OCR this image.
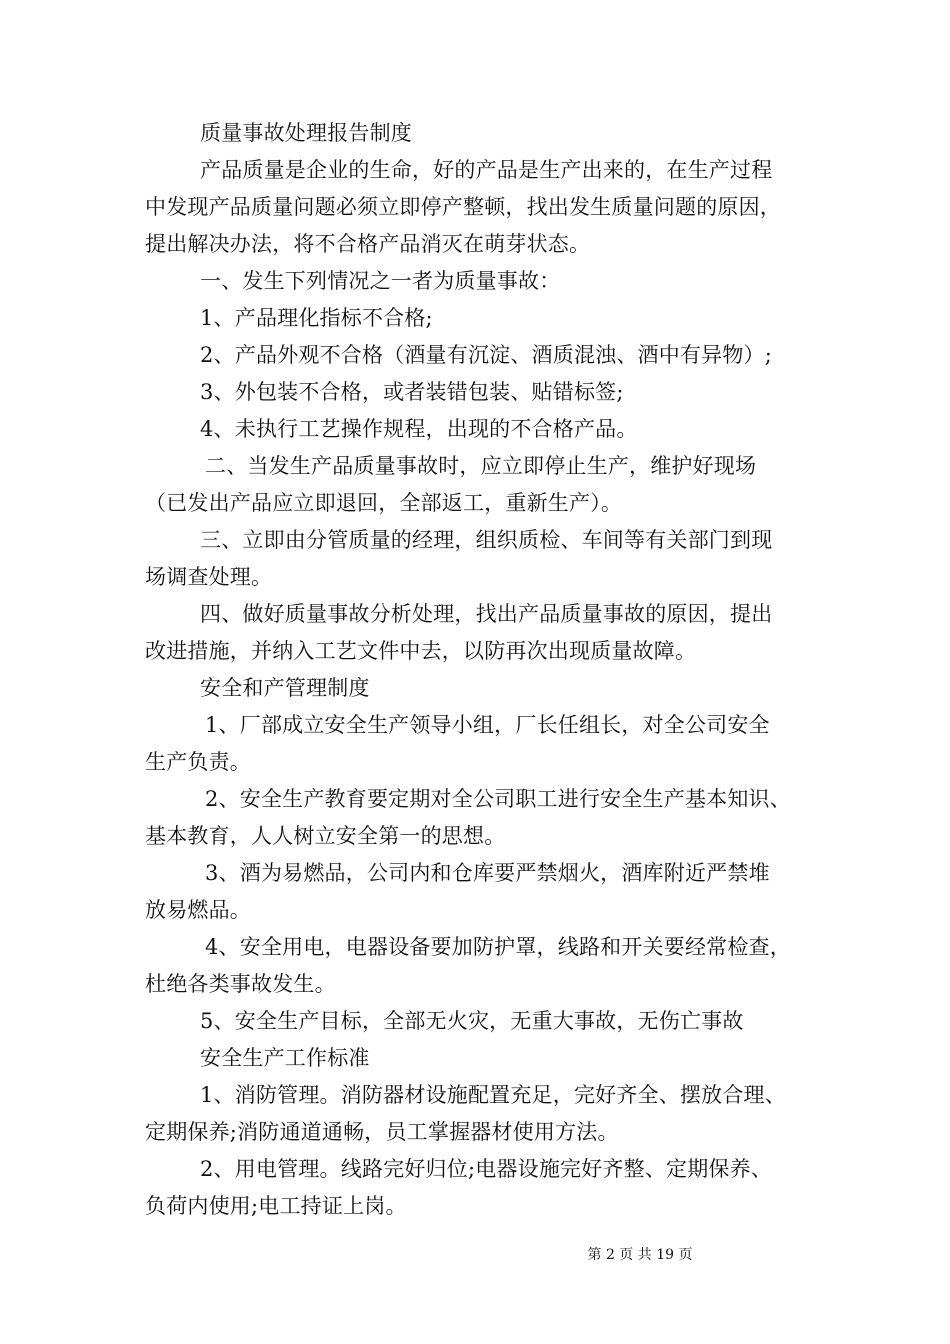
质量事故处理报告制度
产品质量是企业的生命，好的产品是生产出来的，在生产过程
中发现产品质量问题必须立即停产整顿，找出发生质量问题的原因，
提出解决办法，将不合格产品消灭在萌芽状态。
一、发生下列情况之一者为质量事故：
1、产品理化指标不合格;
2、产品外观不合格（酒量有沉淀、酒质混浊、酒中有异物）;
3、外包装不合格，或者装错包装、贴错标签;
4、未执行工艺操作规程，出现的不合格产品。
二、当发生产品质量事故时，应立即停止生产，维护好现场
（已发出产品应立即退回，全部返工，重新生产）。
三、立即由分管质量的经理，组织质检、车间等有关部门到现
场调查处理。
四、做好质量事故分析处理，找出产品质量事故的原因，提出
改进措施，并纳入工艺文件中去，以防再次出现质量故障。
安全和产管理制度
1、厂部成立安全生产领导小组，厂长任组长，对全公司安全
生产负责。
2、安全生产教育要定期对全公司职工进行安全生产基本知识、
基本教育，人人树立安全第一的思想。
3、酒为易燃品，公司内和仓库要严禁烟火，酒库附近严禁堆
放易燃品。
4、安全用电，电器设备要加防护罩，线路和开关要经常检查，
杜绝各类事故发生。
5、安全生产目标，全部无火灾，无重大事故，无伤亡事故
安全生产工作标准
1、消防管理。消防器材设施配置充足，完好齐全、摆放合理、
定期保养;消防通道通畅，员工掌握器材使用方法。
2、用电管理。线路完好归位;电器设施完好齐整、定期保养、
负荷内使用;电工持证上岗。
第 2 页 共 19 页
